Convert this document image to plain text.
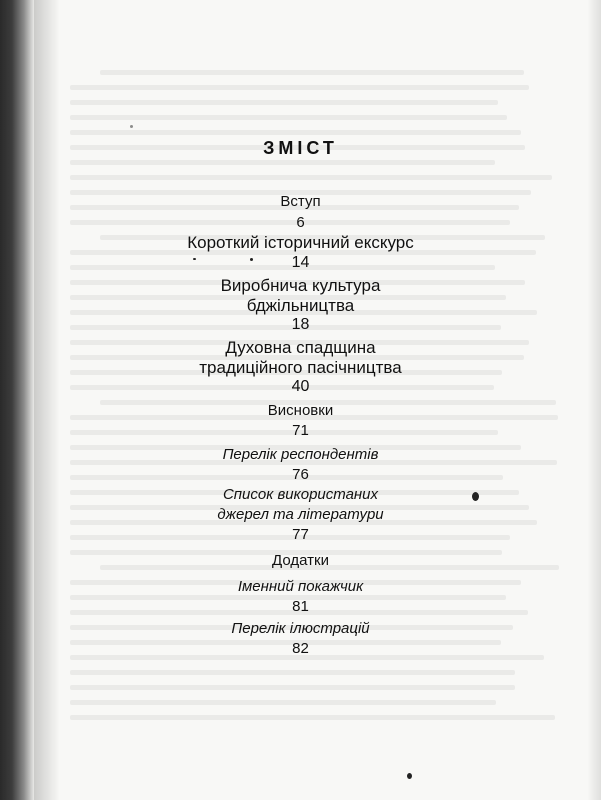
ЗМІСТ
Вступ
6
Короткий історичний екскурс
14
Виробнича культура
бджільництва
18
Духовна спадщина
традиційного пасічництва
40
Висновки
71
Перелік респондентів
76
Список використаних
джерел та літератури
77
Додатки
Іменний покажчик
81
Перелік ілюстрацій
82
